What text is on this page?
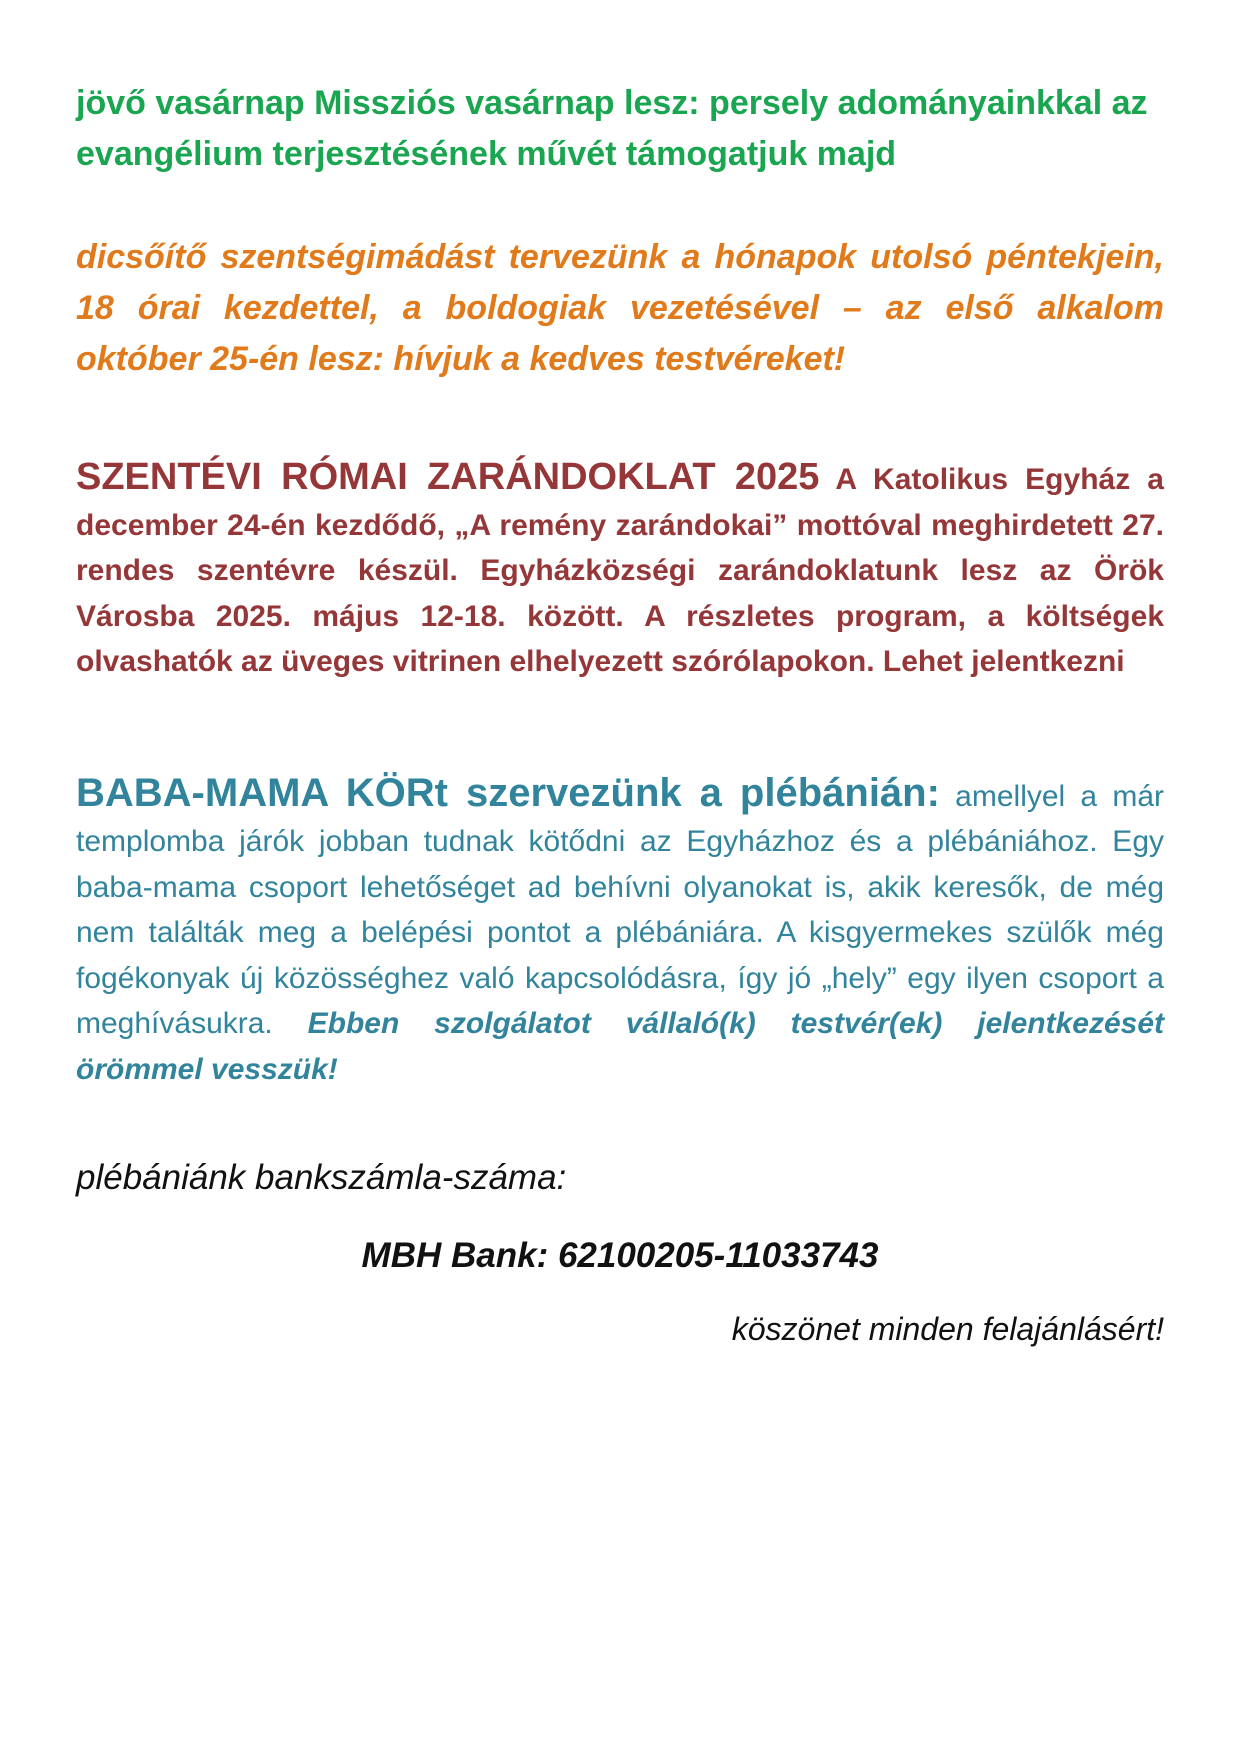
jövő vasárnap Missziós vasárnap lesz: persely adományainkkal az evangélium terjesztésének művét támogatjuk majd

dicsőítő szentségimádást tervezünk a hónapok utolsó péntekjein, 18 órai kezdettel, a boldogiak vezetésével – az első alkalom október 25-én lesz: hívjuk a kedves testvéreket!

SZENTÉVI RÓMAI ZARÁNDOKLAT 2025 A Katolikus Egyház a december 24-én kezdődő, „A remény zarándokai” mottóval meghirdetett 27. rendes szentévre készül. Egyházközségi zarándoklatunk lesz az Örök Városba 2025. május 12-18. között. A részletes program, a költségek olvashatók az üveges vitrinen elhelyezett szórólapokon. Lehet jelentkezni

BABA-MAMA KÖRt szervezünk a plébánián: amellyel a már templomba járók jobban tudnak kötődni az Egyházhoz és a plébániához. Egy baba-mama csoport lehetőséget ad behívni olyanokat is, akik keresők, de még nem találták meg a belépési pontot a plébániára. A kisgyermekes szülők még fogékonyak új közösséghez való kapcsolódásra, így jó „hely” egy ilyen csoport a meghívásukra. Ebben szolgálatot vállaló(k) testvér(ek) jelentkezését örömmel vesszük!

plébániánk bankszámla-száma:

MBH Bank: 62100205-11033743

köszönet minden felajánlásért!
